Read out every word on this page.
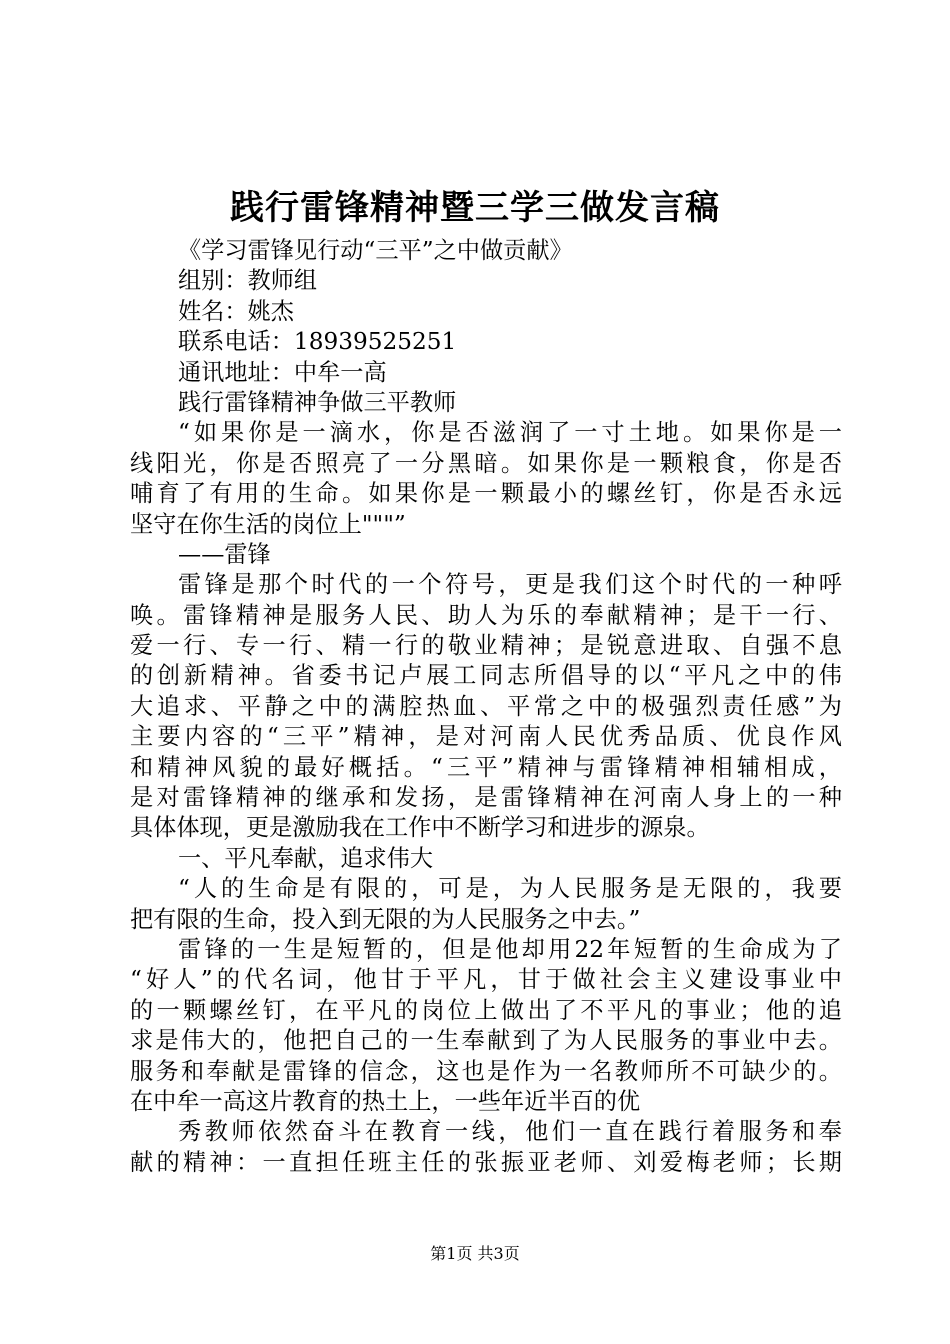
践行雷锋精神暨三学三做发言稿
《学习雷锋见行动“三平”之中做贡献》
组别：教师组
姓名：姚杰
联系电话：18939525251
通讯地址：中牟一高
践行雷锋精神争做三平教师
“如果你是一滴水，你是否滋润了一寸土地。如果你是一
线阳光，你是否照亮了一分黑暗。如果你是一颗粮食，你是否
哺育了有用的生命。如果你是一颗最小的螺丝钉，你是否永远
坚守在你生活的岗位上"""”
——雷锋
雷锋是那个时代的一个符号，更是我们这个时代的一种呼
唤。雷锋精神是服务人民、助人为乐的奉献精神；是干一行、
爱一行、专一行、精一行的敬业精神；是锐意进取、自强不息
的创新精神。省委书记卢展工同志所倡导的以“平凡之中的伟
大追求、平静之中的满腔热血、平常之中的极强烈责任感”为
主要内容的“三平”精神，是对河南人民优秀品质、优良作风
和精神风貌的最好概括。“三平”精神与雷锋精神相辅相成，
是对雷锋精神的继承和发扬，是雷锋精神在河南人身上的一种
具体体现，更是激励我在工作中不断学习和进步的源泉。
一、平凡奉献，追求伟大
“人的生命是有限的，可是，为人民服务是无限的，我要
把有限的生命，投入到无限的为人民服务之中去。”
雷锋的一生是短暂的，但是他却用22年短暂的生命成为了
“好人”的代名词，他甘于平凡，甘于做社会主义建设事业中
的一颗螺丝钉，在平凡的岗位上做出了不平凡的事业；他的追
求是伟大的，他把自己的一生奉献到了为人民服务的事业中去。
服务和奉献是雷锋的信念，这也是作为一名教师所不可缺少的。
在中牟一高这片教育的热土上，一些年近半百的优
秀教师依然奋斗在教育一线，他们一直在践行着服务和奉
献的精神：一直担任班主任的张振亚老师、刘爱梅老师；长期
第1页 共3页
